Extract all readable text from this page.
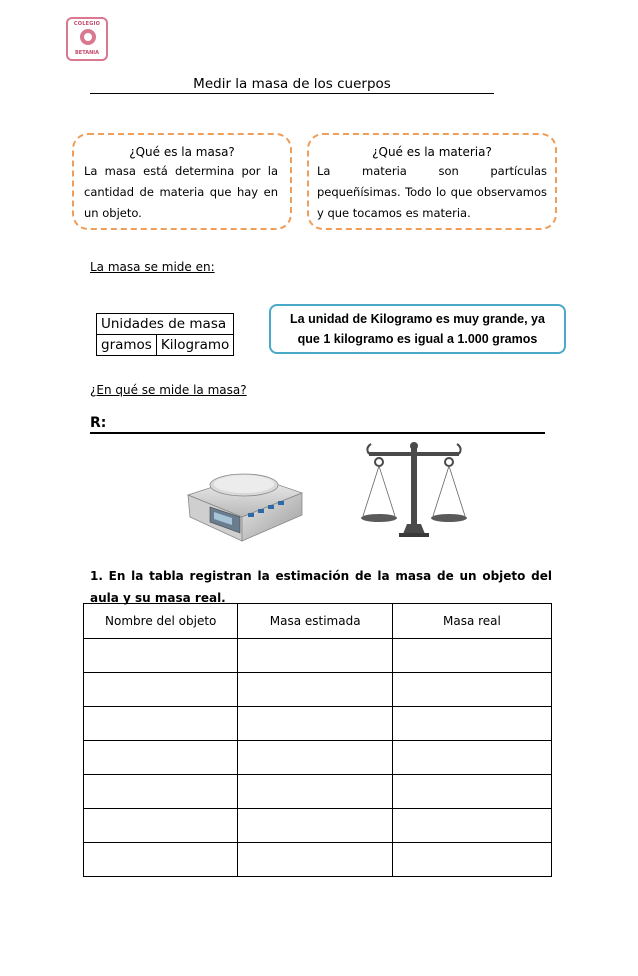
COLEGIO
BETANIA
Medir la masa de los cuerpos
¿Qué es la masa?
La masa está determina por la cantidad de materia que hay en un objeto.
¿Qué es la materia?
La materia son partículas pequeñísimas. Todo lo que observamos y que tocamos es materia.
La masa se mide en:
Unidades de masa
gramos	Kilogramo
La unidad de Kilogramo es muy grande, ya
que 1 kilogramo es igual a 1.000 gramos
¿En qué se mide la masa?
R:
1. En la tabla registran la estimación de la masa de un objeto del aula y su masa real.
Nombre del objeto	Masa estimada	Masa real
